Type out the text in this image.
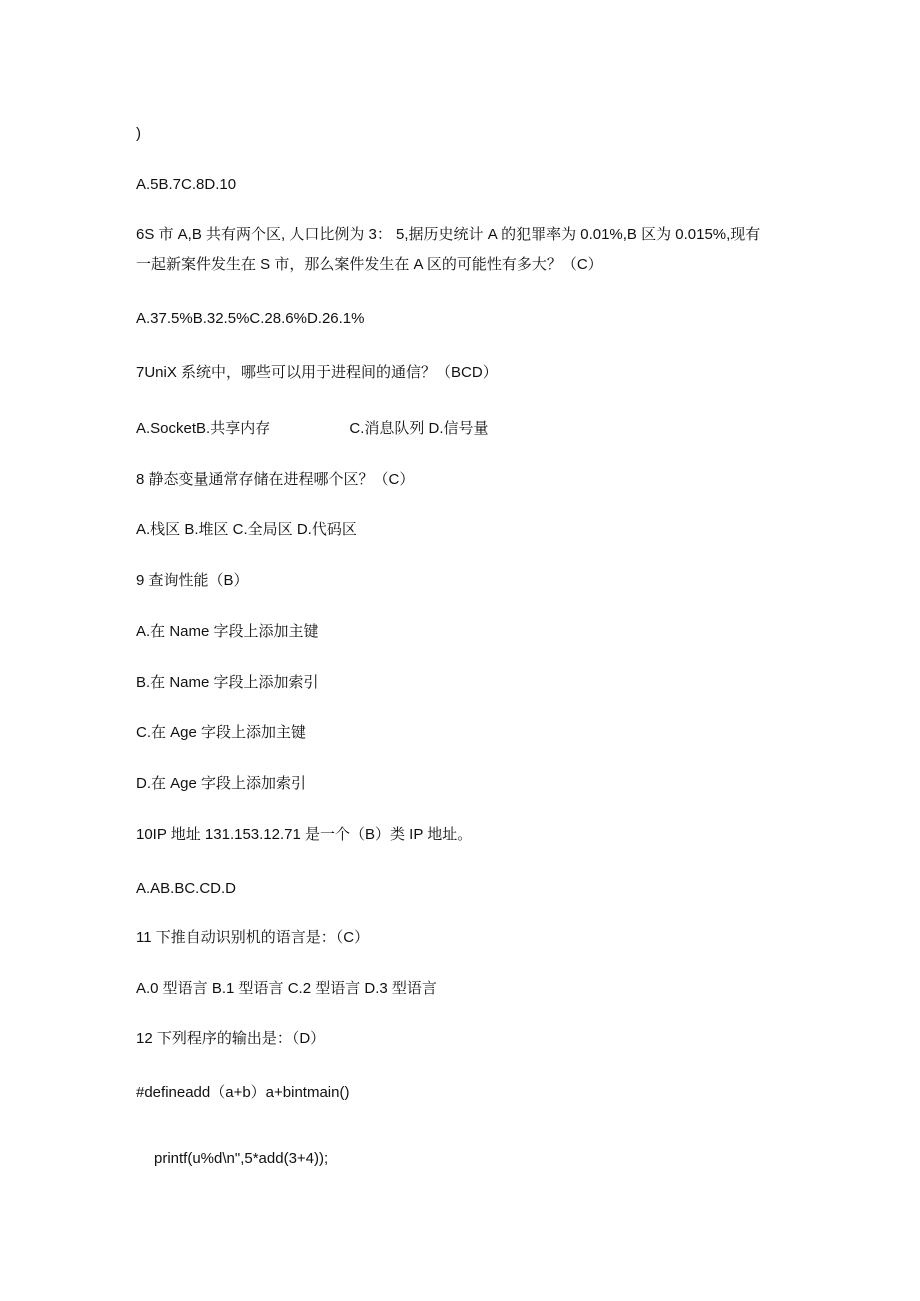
)
A.5B.7C.8D.10
6S 市 A,B 共有两个区, 人口比例为 3： 5,据历史统计 A 的犯罪率为 0.01%,B 区为 0.015%,现有
一起新案件发生在 S 市，那么案件发生在 A 区的可能性有多大？（C）
A.37.5%B.32.5%C.28.6%D.26.1%
7UniX 系统中，哪些可以用于进程间的通信？（BCD）
A.SocketB.共享内存                   C.消息队列 D.信号量
8 静态变量通常存储在进程哪个区？（C）
A.栈区 B.堆区 C.全局区 D.代码区
9 查询性能（B）
A.在 Name 字段上添加主键
B.在 Name 字段上添加索引
C.在 Age 字段上添加主键
D.在 Age 字段上添加索引
10IP 地址 131.153.12.71 是一个（B）类 IP 地址。
A.AB.BC.CD.D
11 下推自动识别机的语言是：（C）
A.0 型语言 B.1 型语言 C.2 型语言 D.3 型语言
12 下列程序的输出是：（D）
#defineadd（a+b）a+bintmain()
printf(u%d\n",5*add(3+4));
